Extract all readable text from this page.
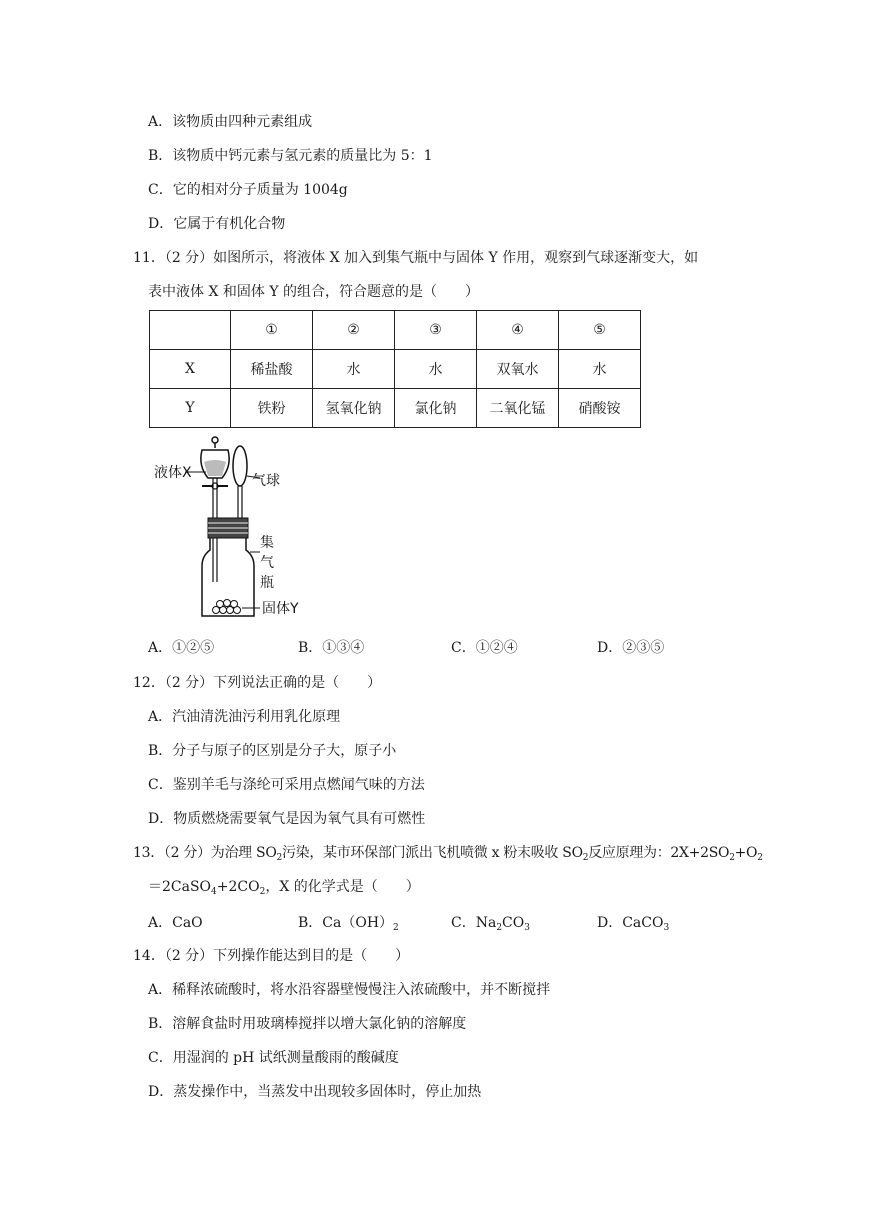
A．该物质由四种元素组成
B．该物质中钙元素与氢元素的质量比为 5：1
C．它的相对分子质量为 1004g
D．它属于有机化合物
11．（2 分）如图所示，将液体 X 加入到集气瓶中与固体 Y 作用，观察到气球逐渐变大，如
表中液体 X 和固体 Y 的组合，符合题意的是（　　）
	①	②	③	④	⑤
X	稀盐酸	水	水	双氧水	水
Y	铁粉	氢氧化钠	氯化钠	二氧化锰	硝酸铵
液体X	气球
集
气
瓶
固体Y
A．①②⑤	B．①③④	C．①②④	D．②③⑤
12．（2 分）下列说法正确的是（　　）
A．汽油清洗油污利用乳化原理
B．分子与原子的区别是分子大，原子小
C．鉴别羊毛与涤纶可采用点燃闻气味的方法
D．物质燃烧需要氧气是因为氧气具有可燃性
13．（2 分）为治理 $SO_2$污染，某市环保部门派出飞机喷微 x 粉末吸收 $SO_2$反应原理为：$2X+2SO_2+O_2$
$=2CaSO_4+2CO_2$，X 的化学式是（　　）
A．CaO	B．$Ca(OH)_2$	C．$Na_2CO_3$	D．CaCO$_3$
14．（2 分）下列操作能达到目的是（　　）
A．稀释浓硫酸时，将水沿容器壁慢慢注入浓硫酸中，并不断搅拌
B．溶解食盐时用玻璃棒搅拌以增大氯化钠的溶解度
C．用湿润的 pH 试纸测量酸雨的酸碱度
D．蒸发操作中，当蒸发中出现较多固体时，停止加热
